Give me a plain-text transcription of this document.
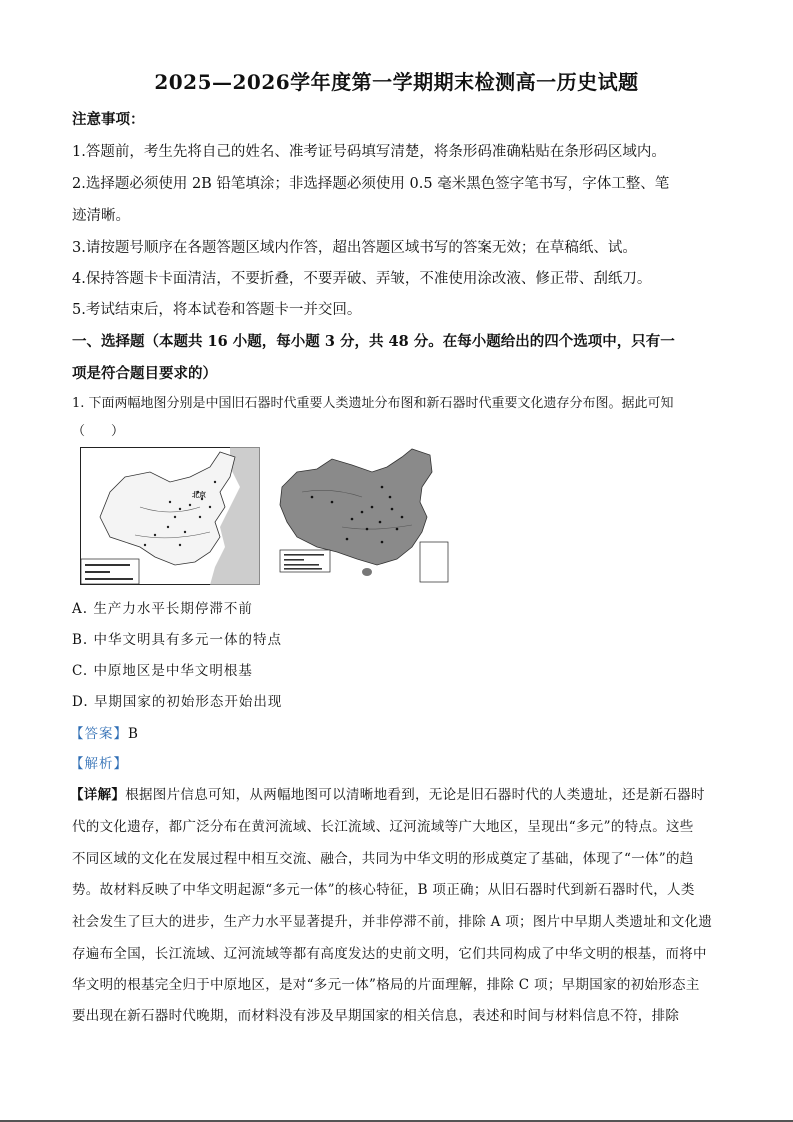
2025—2026学年度第一学期期末检测高一历史试题
注意事项：
1.答题前，考生先将自己的姓名、准考证号码填写清楚，将条形码准确粘贴在条形码区域内。
2.选择题必须使用 2B 铅笔填涂；非选择题必须使用 0.5 毫米黑色签字笔书写，字体工整、笔
迹清晰。
3.请按题号顺序在各题答题区域内作答，超出答题区域书写的答案无效；在草稿纸、试。
4.保持答题卡卡面清洁，不要折叠，不要弄破、弄皱，不准使用涂改液、修正带、刮纸刀。
5.考试结束后，将本试卷和答题卡一并交回。
一、选择题（本题共 16 小题，每小题 3 分，共 48 分。在每小题给出的四个选项中，只有一
项是符合题目要求的）
1. 下面两幅地图分别是中国旧石器时代重要人类遗址分布图和新石器时代重要文化遗存分布图。据此可知
（　　）
北京
A. 生产力水平长期停滞不前
B. 中华文明具有多元一体的特点
C. 中原地区是中华文明根基
D. 早期国家的初始形态开始出现
【答案】B
【解析】
【详解】根据图片信息可知，从两幅地图可以清晰地看到，无论是旧石器时代的人类遗址，还是新石器时
代的文化遗存，都广泛分布在黄河流域、长江流域、辽河流域等广大地区，呈现出“多元”的特点。这些
不同区域的文化在发展过程中相互交流、融合，共同为中华文明的形成奠定了基础，体现了“一体”的趋
势。故材料反映了中华文明起源“多元一体”的核心特征，B 项正确；从旧石器时代到新石器时代，人类
社会发生了巨大的进步，生产力水平显著提升，并非停滞不前，排除 A 项；图片中早期人类遗址和文化遗
存遍布全国，长江流域、辽河流域等都有高度发达的史前文明，它们共同构成了中华文明的根基，而将中
华文明的根基完全归于中原地区，是对“多元一体”格局的片面理解，排除 C 项；早期国家的初始形态主
要出现在新石器时代晚期，而材料没有涉及早期国家的相关信息，表述和时间与材料信息不符，排除
